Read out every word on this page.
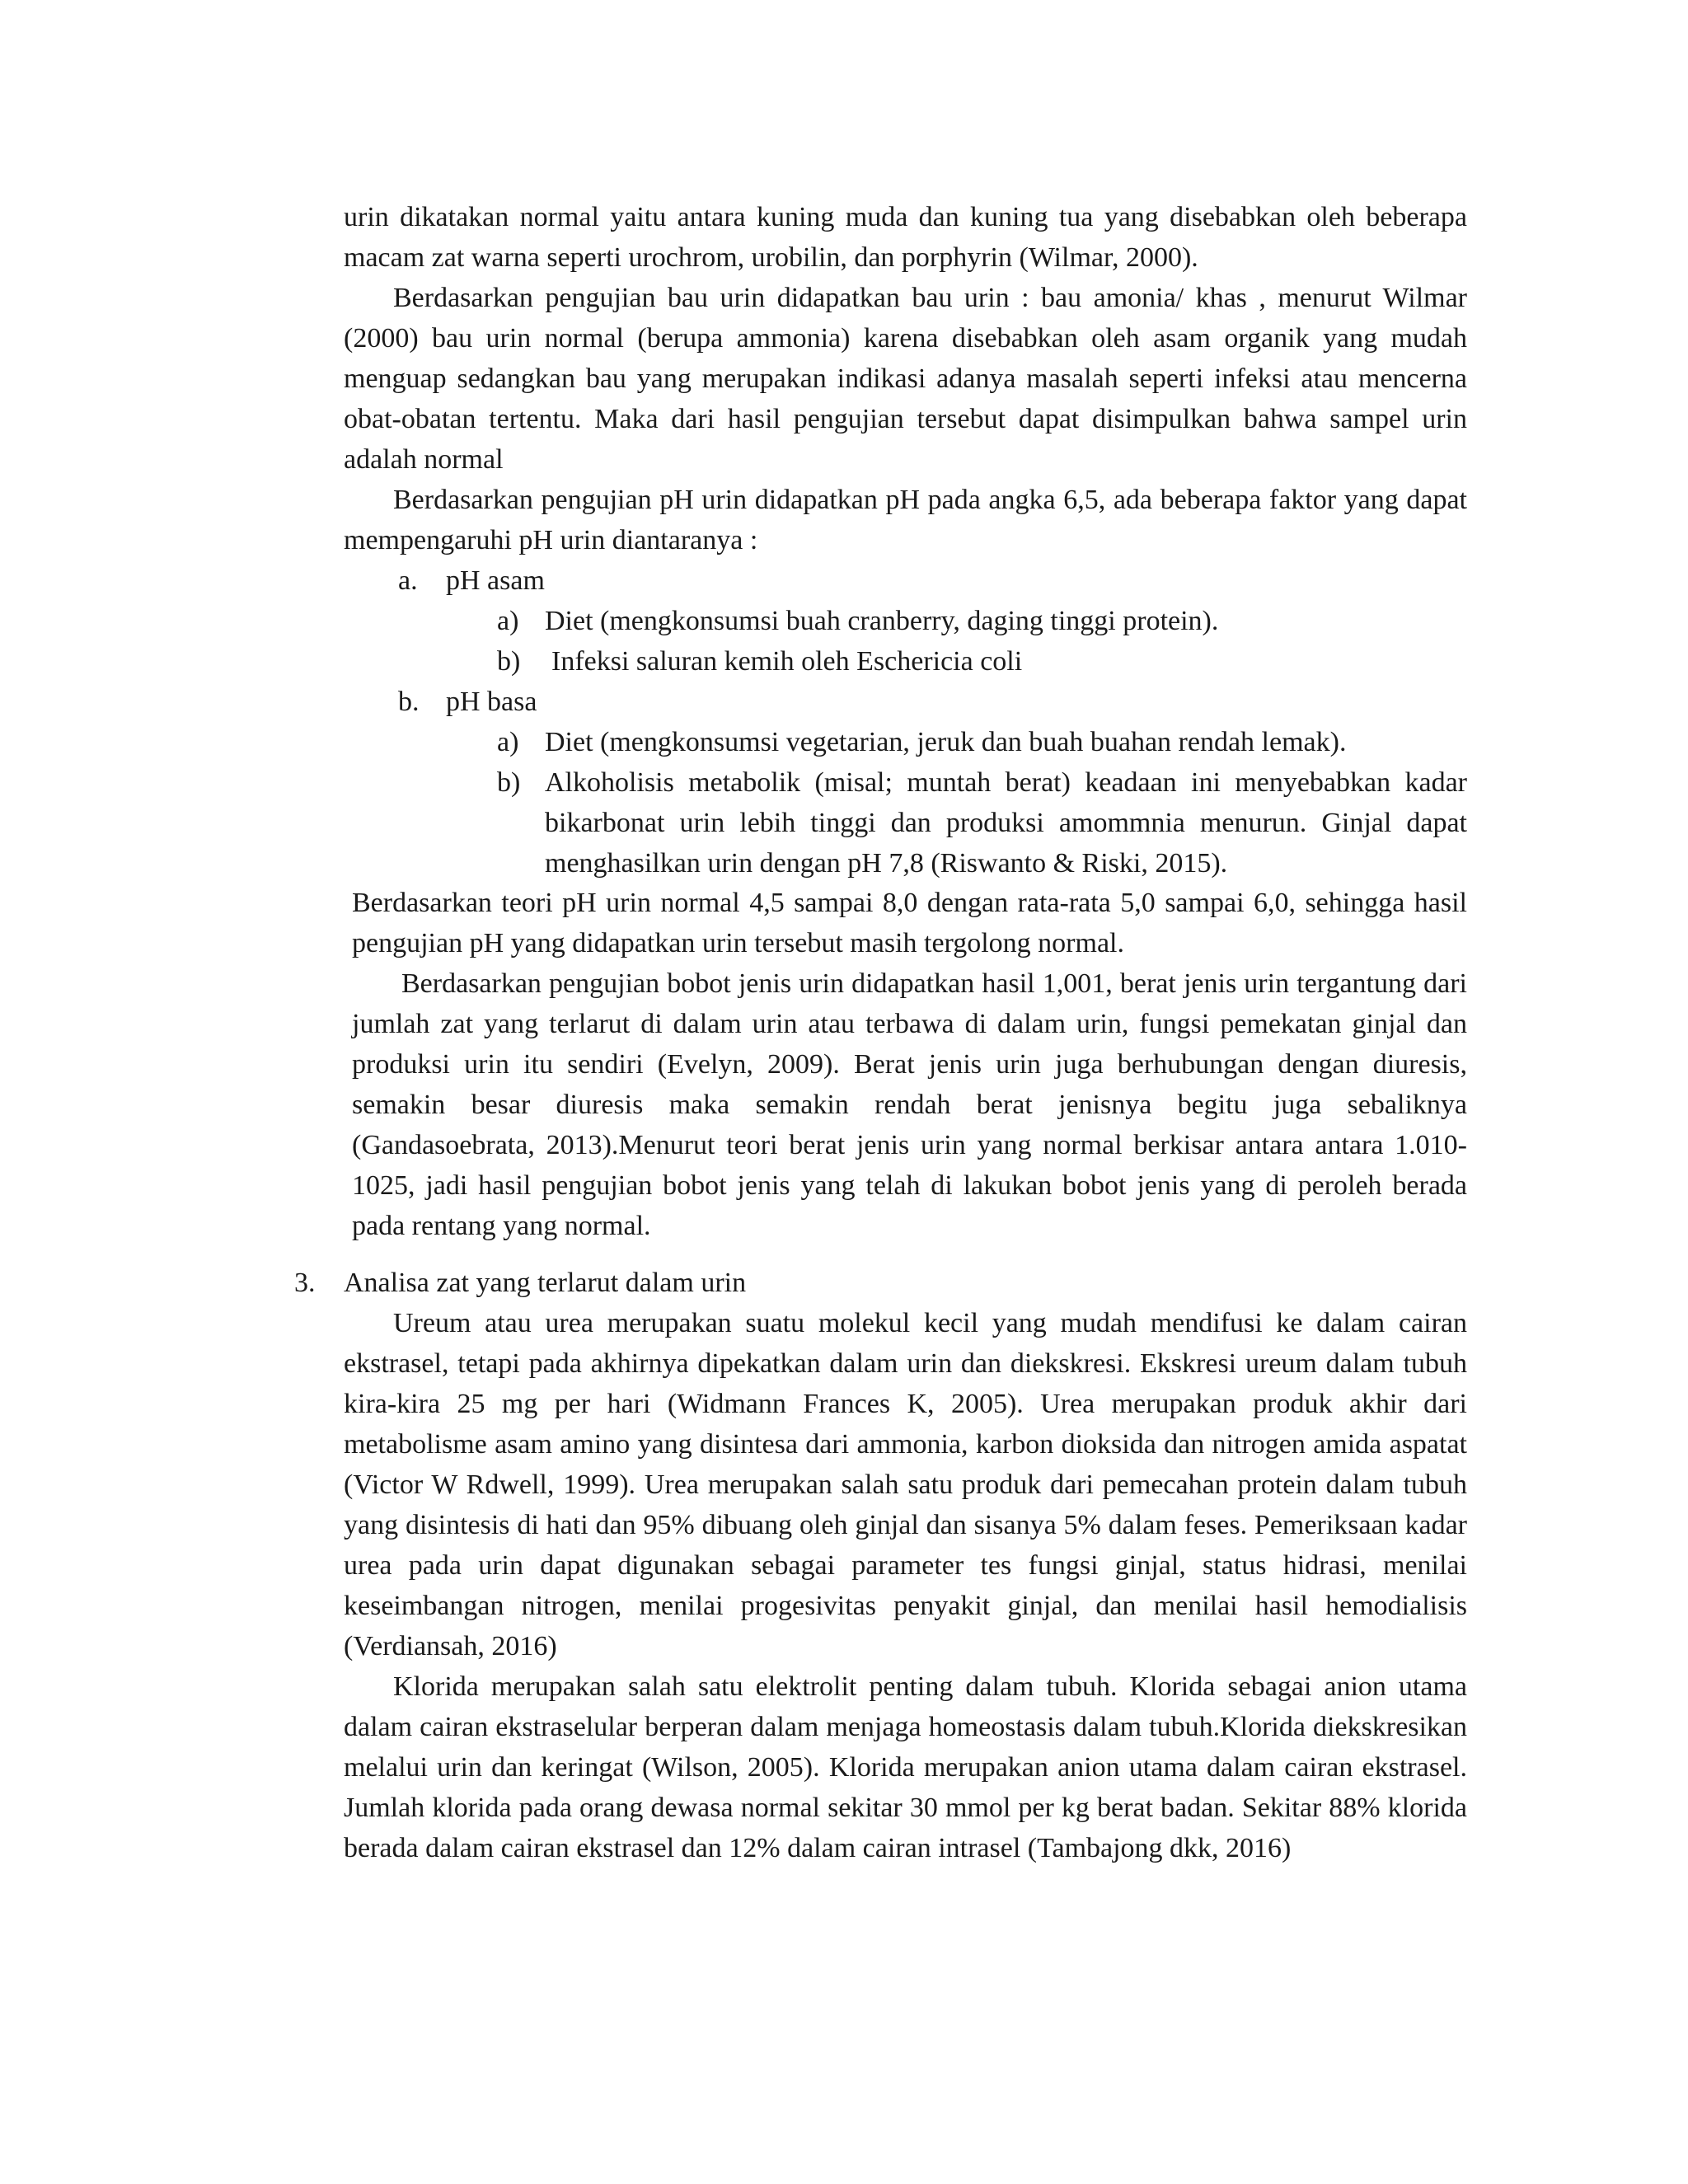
urin dikatakan normal yaitu antara kuning muda dan kuning tua yang disebabkan oleh beberapa macam zat warna seperti urochrom, urobilin, dan porphyrin (Wilmar, 2000).

Berdasarkan pengujian bau urin didapatkan bau urin : bau amonia/ khas , menurut Wilmar (2000) bau urin normal (berupa ammonia) karena disebabkan oleh asam organik yang mudah menguap sedangkan bau yang merupakan indikasi adanya masalah seperti infeksi atau mencerna obat-obatan tertentu. Maka dari hasil pengujian tersebut dapat disimpulkan bahwa sampel urin adalah normal

Berdasarkan pengujian pH urin didapatkan pH pada angka 6,5, ada beberapa faktor yang dapat mempengaruhi pH urin diantaranya :

a.	pH asam
a) Diet (mengkonsumsi buah cranberry, daging tinggi protein).
b)	Infeksi saluran kemih oleh Eschericia coli
b. pH basa
a) Diet (mengkonsumsi vegetarian, jeruk dan buah buahan rendah lemak).
b) Alkoholisis metabolik (misal; muntah berat) keadaan ini menyebabkan kadar bikarbonat urin lebih tinggi dan produksi amommnia menurun. Ginjal dapat menghasilkan urin dengan pH 7,8 (Riswanto & Riski, 2015).

Berdasarkan teori pH urin normal 4,5 sampai 8,0 dengan rata-rata 5,0 sampai 6,0, sehingga hasil pengujian pH yang didapatkan urin tersebut masih tergolong normal.

Berdasarkan pengujian bobot jenis urin didapatkan hasil 1,001, berat jenis urin tergantung dari jumlah zat yang terlarut di dalam urin atau terbawa di dalam urin, fungsi pemekatan ginjal dan produksi urin itu sendiri (Evelyn, 2009). Berat jenis urin juga berhubungan dengan diuresis, semakin besar diuresis maka semakin rendah berat jenisnya begitu juga sebaliknya (Gandasoebrata, 2013).Menurut teori berat jenis urin yang normal berkisar antara antara 1.010-1025, jadi hasil pengujian bobot jenis yang telah di lakukan bobot jenis yang di peroleh berada pada rentang yang normal.

3.	Analisa zat yang terlarut dalam urin

Ureum atau urea merupakan suatu molekul kecil yang mudah mendifusi ke dalam cairan ekstrasel, tetapi pada akhirnya dipekatkan dalam urin dan diekskresi. Ekskresi ureum dalam tubuh kira-kira 25 mg per hari (Widmann Frances K, 2005). Urea merupakan produk akhir dari metabolisme asam amino yang disintesa dari ammonia, karbon dioksida dan nitrogen amida aspatat (Victor W Rdwell, 1999). Urea merupakan salah satu produk dari pemecahan protein dalam tubuh yang disintesis di hati dan 95% dibuang oleh ginjal dan sisanya 5% dalam feses. Pemeriksaan kadar urea pada urin dapat digunakan sebagai parameter tes fungsi ginjal, status hidrasi, menilai keseimbangan nitrogen, menilai progesivitas penyakit ginjal, dan menilai hasil hemodialisis (Verdiansah, 2016)

Klorida merupakan salah satu elektrolit penting dalam tubuh. Klorida sebagai anion utama dalam cairan ekstraselular berperan dalam menjaga homeostasis dalam tubuh.Klorida diekskresikan melalui urin dan keringat (Wilson, 2005). Klorida merupakan anion utama dalam cairan ekstrasel. Jumlah klorida pada orang dewasa normal sekitar 30 mmol per kg berat badan. Sekitar 88% klorida berada dalam cairan ekstrasel dan 12% dalam cairan intrasel (Tambajong dkk, 2016)
